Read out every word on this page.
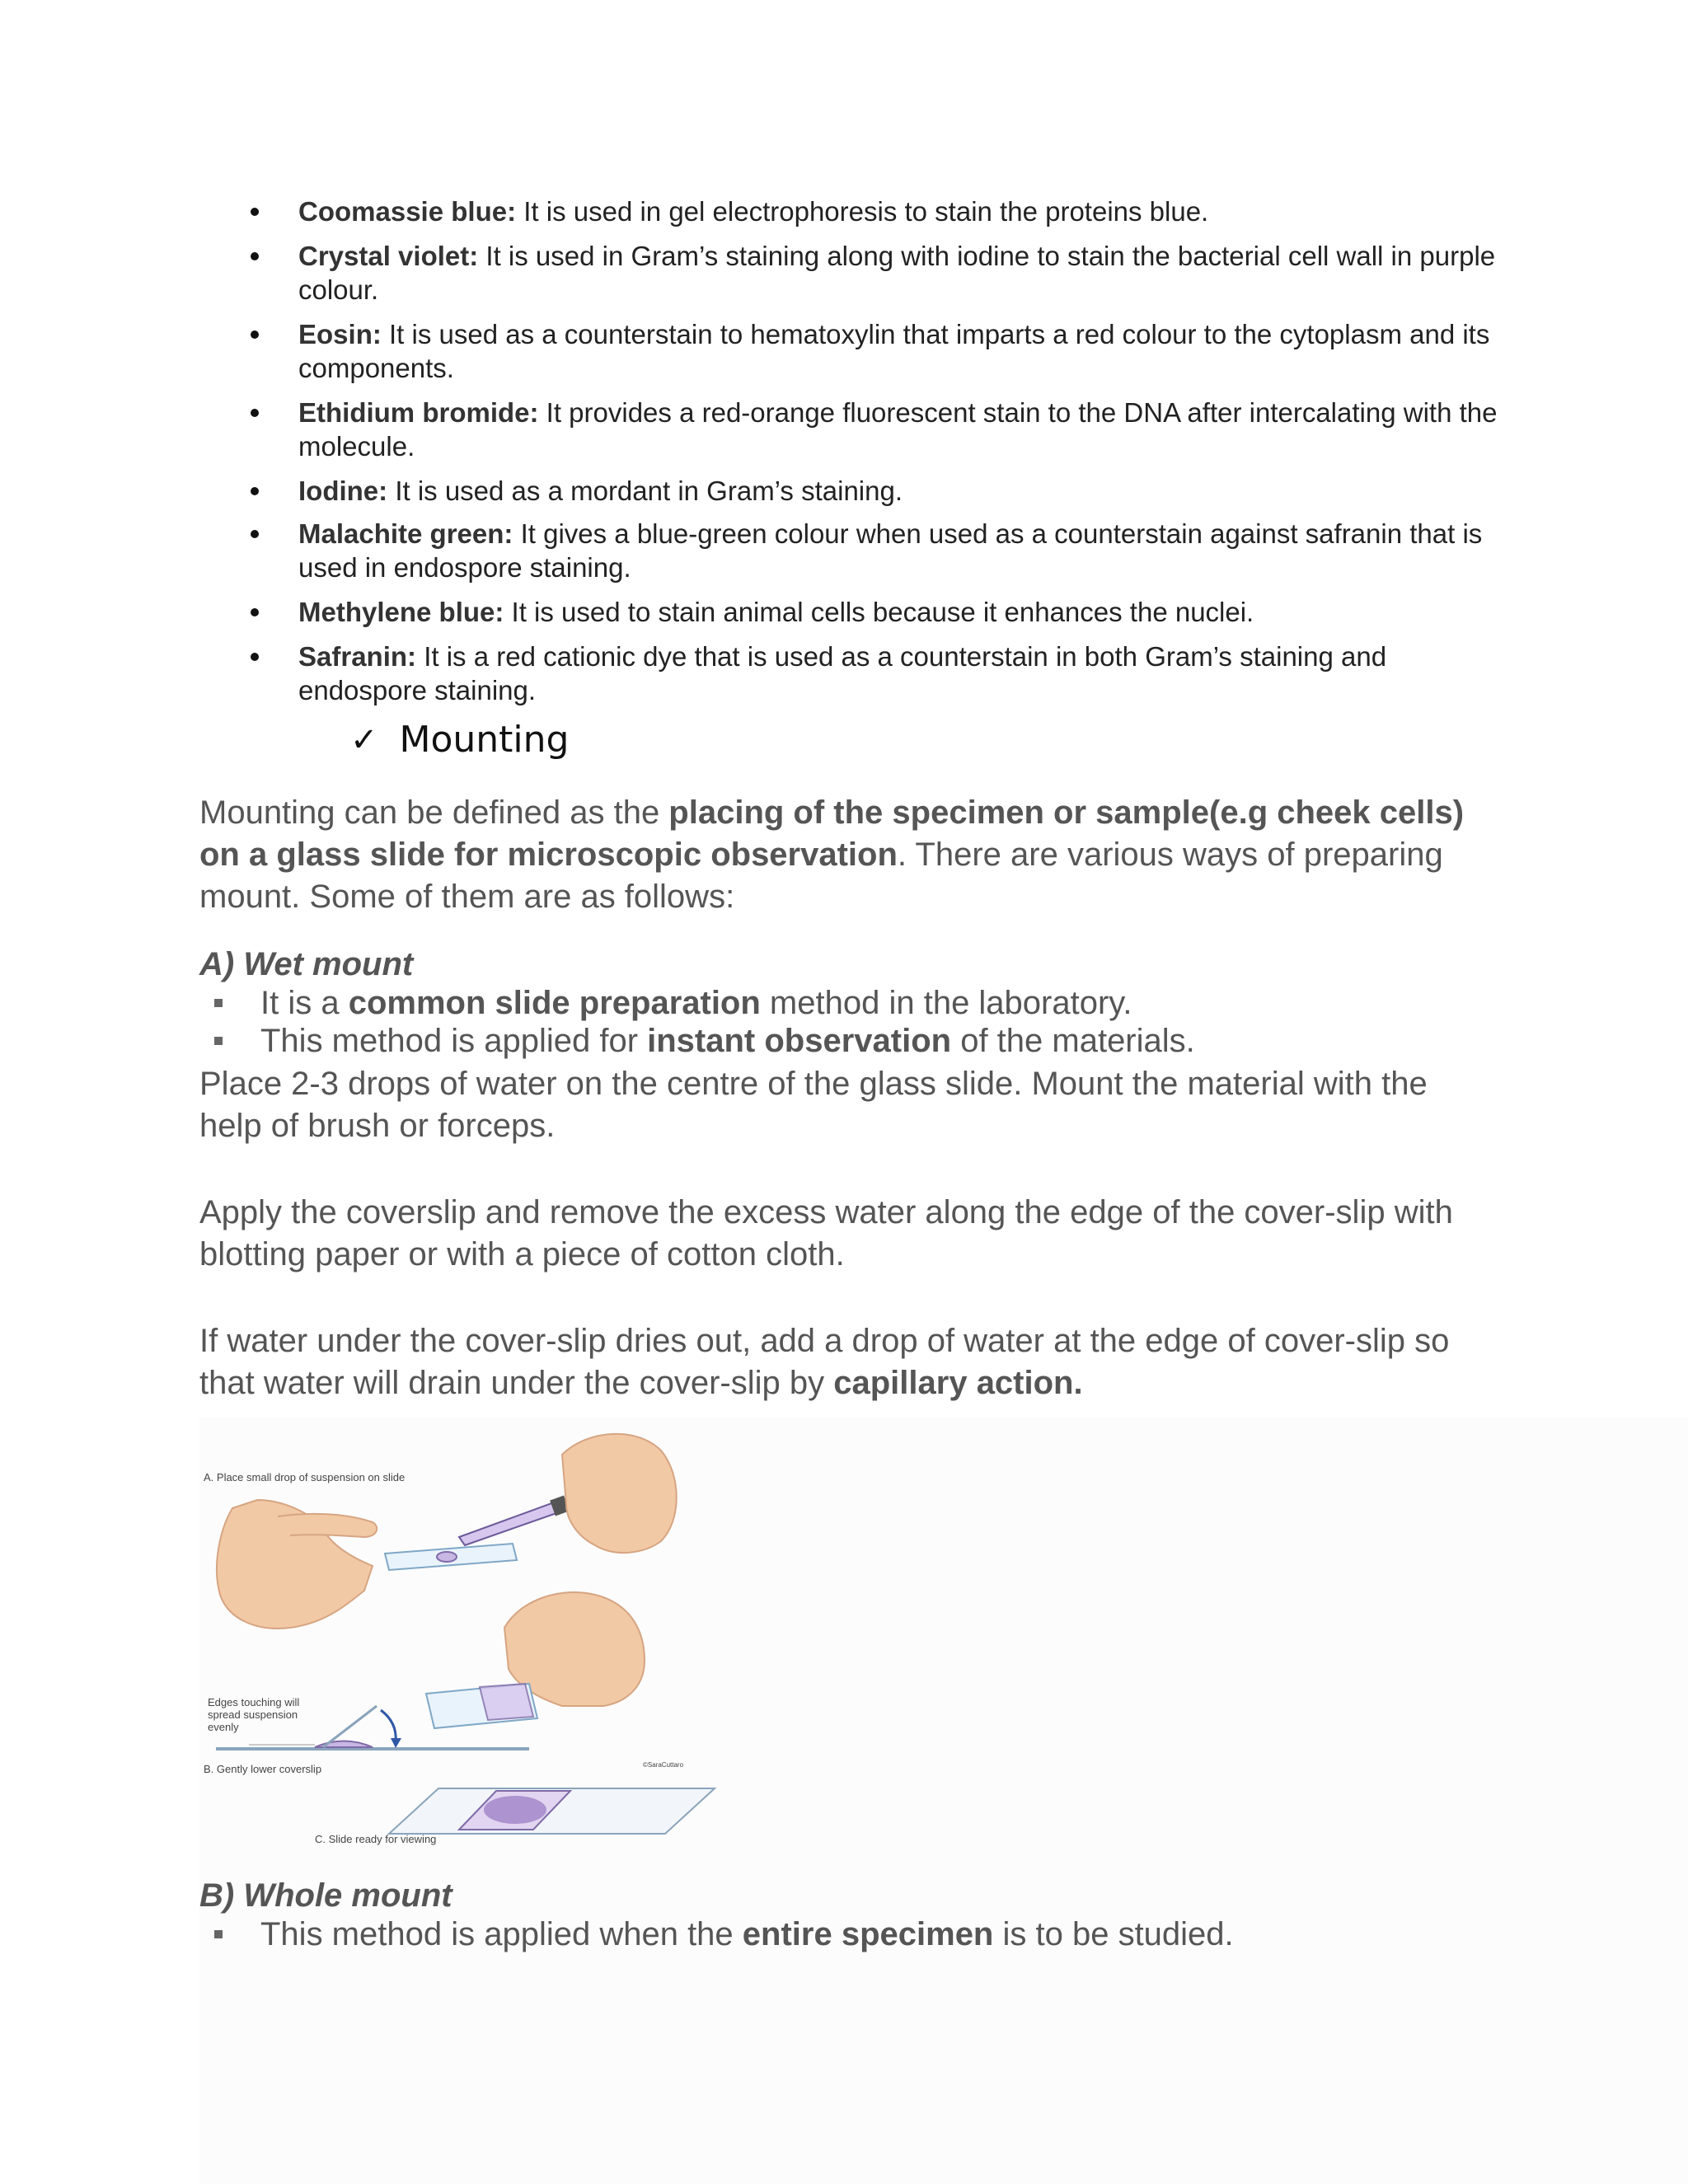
Coomassie blue: It is used in gel electrophoresis to stain the proteins blue.
Crystal violet: It is used in Gram’s staining along with iodine to stain the bacterial cell wall in purple colour.
Eosin: It is used as a counterstain to hematoxylin that imparts a red colour to the cytoplasm and its components.
Ethidium bromide: It provides a red-orange fluorescent stain to the DNA after intercalating with the molecule.
Iodine: It is used as a mordant in Gram’s staining.
Malachite green: It gives a blue-green colour when used as a counterstain against safranin that is used in endospore staining.
Methylene blue: It is used to stain animal cells because it enhances the nuclei.
Safranin: It is a red cationic dye that is used as a counterstain in both Gram’s staining and endospore staining.
✓ Mounting

Mounting can be defined as the placing of the specimen or sample(e.g cheek cells) on a glass slide for microscopic observation. There are various ways of preparing mount. Some of them are as follows:

A) Wet mount
It is a common slide preparation method in the laboratory.
This method is applied for instant observation of the materials.

Place 2-3 drops of water on the centre of the glass slide. Mount the material with the help of brush or forceps.

Apply the coverslip and remove the excess water along the edge of the cover-slip with blotting paper or with a piece of cotton cloth.

If water under the cover-slip dries out, add a drop of water at the edge of cover-slip so that water will drain under the cover-slip by capillary action.

A. Place small drop of suspension on slide
Edges touching will
spread suspension
evenly
B. Gently lower coverslip
C. Slide ready for viewing
©SaraCuttaro
B) Whole mount
This method is applied when the entire specimen is to be studied.
